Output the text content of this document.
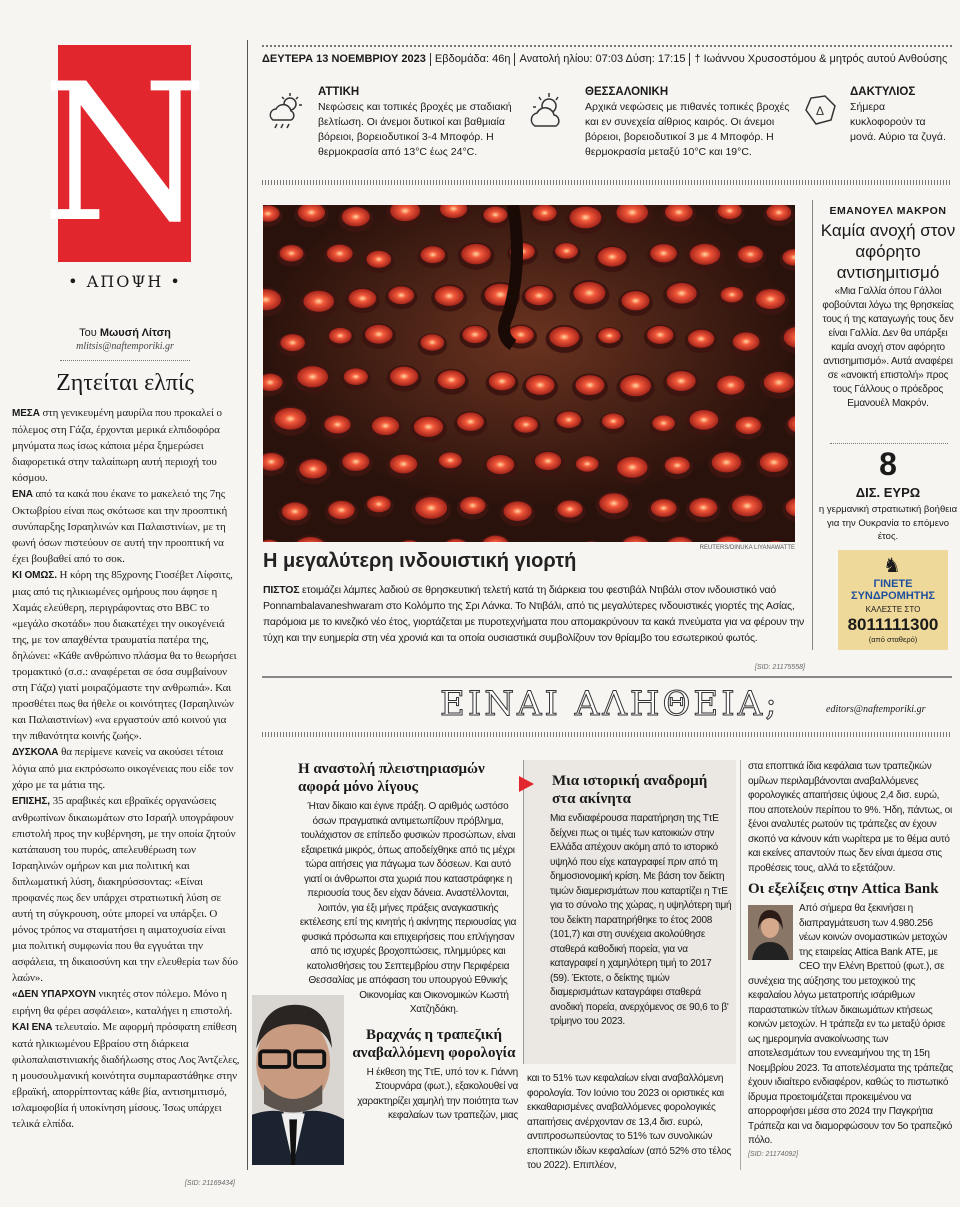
N
• ΑΠΟΨΗ •
Του Μωυσή Λίτση
mlitsis@naftemporiki.gr
Ζητείται ελπίς

ΜΕΣΑ στη γενικευμένη μαυρίλα που προκαλεί ο πόλεμος στη Γάζα, έρχονται μερικά ελπιδοφόρα μηνύματα πως ίσως κάποια μέρα ξημερώσει διαφορετικά στην ταλαίπωρη αυτή περιοχή του κόσμου.

ΕΝΑ από τα κακά που έκανε το μακελειό της 7ης Οκτωβρίου είναι πως σκότωσε και την προοπτική συνύπαρξης Ισραηλινών και Παλαιστινίων, με τη φωνή όσων πιστεύουν σε αυτή την προοπτική να έχει βουβαθεί από το σοκ.

ΚΙ ΟΜΩΣ. Η κόρη της 85χρονης Γιοσέβετ Λίφσιτς, μιας από τις ηλικιωμένες ομήρους που άφησε η Χαμάς ελεύθερη, περιγράφοντας στο BBC το «μεγάλο σκοτάδι» που διακατέχει την οικογένειά της, με τον απαχθέντα τραυματία πατέρα της, δηλώνει: «Κάθε ανθρώπινο πλάσμα θα το θεωρήσει τρομακτικό (σ.σ.: αναφέρεται σε όσα συμβαίνουν στη Γάζα) γιατί μοιραζόμαστε την ανθρωπιά». Και προσθέτει πως θα ήθελε οι κοινότητες (Ισραηλινών και Παλαιστινίων) «να εργαστούν από κοινού για την πιθανότητα κοινής ζωής».

ΔΥΣΚΟΛΑ θα περίμενε κανείς να ακούσει τέτοια λόγια από μια εκπρόσωπο οικογένειας που είδε τον χάρο με τα μάτια της.

ΕΠΙΣΗΣ, 35 αραβικές και εβραϊκές οργανώσεις ανθρωπίνων δικαιωμάτων στο Ισραήλ υπογράφουν επιστολή προς την κυβέρνηση, με την οποία ζητούν κατάπαυση του πυρός, απελευθέρωση των Ισραηλινών ομήρων και μια πολιτική και διπλωματική λύση, διακηρύσσοντας: «Είναι προφανές πως δεν υπάρχει στρατιωτική λύση σε αυτή τη σύγκρουση, ούτε μπορεί να υπάρξει. Ο μόνος τρόπος να σταματήσει η αιματοχυσία είναι μια πολιτική συμφωνία που θα εγγυάται την ασφάλεια, τη δικαιοσύνη και την ελευθερία των δύο λαών».

«ΔΕΝ ΥΠΑΡΧΟΥΝ νικητές στον πόλεμο. Μόνο η ειρήνη θα φέρει ασφάλεια», καταλήγει η επιστολή.

ΚΑΙ ΕΝΑ τελευταίο. Με αφορμή πρόσφατη επίθεση κατά ηλικιωμένου Εβραίου στη διάρκεια φιλοπαλαιστινιακής διαδήλωσης στος Λος Άντζελες, η μουσουλμανική κοινότητα συμπαραστάθηκε στην εβραϊκή, απορρίπτοντας κάθε βία, αντισημιτισμό, ισλαμοφοβία ή υποκίνηση μίσους. Ίσως υπάρχει τελικά ελπίδα.

[SID: 21169434]
ΔΕΥΤΕΡΑ 13 ΝΟΕΜΒΡΙΟΥ 2023 Εβδομάδα: 46η Ανατολή ηλίου: 07:03 Δύση: 17:15 † Ιωάννου Χρυσοστόμου & μητρός αυτού Ανθούσης
ΑΤΤΙΚΗ
Νεφώσεις και τοπικές βροχές με σταδιακή βελτίωση. Οι άνεμοι δυτικοί και βαθμιαία βόρειοι, βορειοδυτικοί 3-4 Μποφόρ. Η θερμοκρασία από 13°C έως 24°C.
ΘΕΣΣΑΛΟΝΙΚΗ
Αρχικά νεφώσεις με πιθανές τοπικές βροχές και εν συνεχεία αίθριος καιρός. Οι άνεμοι βόρειοι, βορειοδυτικοί 3 με 4 Μποφόρ. Η θερμοκρασία μεταξύ 10°C και 19°C.
Δ
ΔΑΚΤΥΛΙΟΣ
Σήμερα κυκλοφορούν τα μονά. Αύριο τα ζυγά.
REUTERS/DINUKA LIYANAWATTE
Η μεγαλύτερη ινδουιστική γιορτή
ΠΙΣΤΟΣ ετοιμάζει λάμπες λαδιού σε θρησκευτική τελετή κατά τη διάρκεια του φεστιβάλ Ντιβάλι στον ινδουιστικό ναό Ponnambalavaneshwaram στο Κολόμπο της Σρι Λάνκα. Το Ντιβάλι, από τις μεγαλύτερες ινδουιστικές γιορτές της Ασίας, παρόμοια με το κινεζικό νέο έτος, γιορτάζεται με πυροτεχνήματα που απομακρύνουν τα κακά πνεύματα για να φέρουν την τύχη και την ευημερία στη νέα χρονιά και τα οποία ουσιαστικά συμβολίζουν τον θρίαμβο του εσωτερικού φωτός.
[SID: 21175558]
ΕΜΑΝΟΥΕΛ ΜΑΚΡΟΝ
Καμία ανοχή στον αφόρητο αντισημιτισμό
«Μια Γαλλία όπου Γάλλοι φοβούνται λόγω της θρησκείας τους ή της καταγωγής τους δεν είναι Γαλλία. Δεν θα υπάρξει καμία ανοχή στον αφόρητο αντισημιτισμό». Αυτά αναφέρει σε «ανοικτή επιστολή» προς τους Γάλλους ο πρόεδρος Εμανουέλ Μακρόν.
8
ΔΙΣ. ΕΥΡΩ
η γερμανική στρατιωτική βοήθεια για την Ουκρανία το επόμενο έτος.
♞
ΓΙΝΕΤΕ ΣΥΝΔΡΟΜΗΤΗΣ
ΚΑΛΕΣΤΕ ΣΤΟ
8011111300
(από σταθερό)
ΕΙΝΑΙ ΑΛΗΘΕΙΑ;	editors@naftemporiki.gr
Η αναστολή πλειστηριασμών αφορά μόνο λίγους
Ήταν δίκαιο και έγινε πράξη. Ο αριθμός ωστόσο όσων πραγματικά αντιμετωπίζουν πρόβλημα, τουλάχιστον σε επίπεδο φυσικών προσώπων, είναι εξαιρετικά μικρός, όπως αποδείχθηκε από τις μέχρι τώρα αιτήσεις για πάγωμα των δόσεων. Και αυτό γιατί οι άνθρωποι στα χωριά που καταστράφηκε η περιουσία τους δεν είχαν δάνεια. Αναστέλλονται, λοιπόν, για έξι μήνες πράξεις αναγκαστικής εκτέλεσης επί της κινητής ή ακίνητης περιουσίας για φυσικά πρόσωπα και επιχειρήσεις που επλήγησαν από τις ισχυρές βροχοπτώσεις, πλημμύρες και κατολισθήσεις του Σεπτεμβρίου στην Περιφέρεια Θεσσαλίας με απόφαση του υπουργού Εθνικής Οικονομίας και Οικονομικών Κωστή Χατζηδάκη.
Βραχνάς η τραπεζική αναβαλλόμενη φορολογία
Η έκθεση της ΤτΕ, υπό τον κ. Γιάννη Στουρνάρα (φωτ.), εξακολουθεί να χαρακτηρίζει χαμηλή την ποιότητα των κεφαλαίων των τραπεζών, μιας
Μια ιστορική αναδρομή στα ακίνητα
Μια ενδιαφέρουσα παρατήρηση της ΤτΕ δείχνει πως οι τιμές των κατοικιών στην Ελλάδα απέχουν ακόμη από το ιστορικό υψηλό που είχε καταγραφεί πριν από τη δημοσιονομική κρίση. Με βάση τον δείκτη τιμών διαμερισμάτων που καταρτίζει η ΤτΕ για το σύνολο της χώρας, η υψηλότερη τιμή του δείκτη παρατηρήθηκε το έτος 2008 (101,7) και στη συνέχεια ακολούθησε σταθερά καθοδική πορεία, για να καταγραφεί η χαμηλότερη τιμή το 2017 (59). Έκτοτε, ο δείκτης τιμών διαμερισμάτων καταγράφει σταθερά ανοδική πορεία, ανερχόμενος σε 90,6 το β' τρίμηνο του 2023.
και το 51% των κεφαλαίων είναι αναβαλλόμενη φορολογία. Τον Ιούνιο του 2023 οι οριστικές και εκκαθαρισμένες αναβαλλόμενες φορολογικές απαιτήσεις ανέρχονταν σε 13,4 δισ. ευρώ, αντιπροσωπεύοντας το 51% των συνολικών εποπτικών ιδίων κεφαλαίων (από 52% στο τέλος του 2022). Επιπλέον,
στα εποπτικά ίδια κεφάλαια των τραπεζικών ομίλων περιλαμβάνονται αναβαλλόμενες φορολογικές απαιτήσεις ύψους 2,4 δισ. ευρώ, που αποτελούν περίπου το 9%. Ήδη, πάντως, οι ξένοι αναλυτές ρωτούν τις τράπεζες αν έχουν σκοπό να κάνουν κάτι νωρίτερα με το θέμα αυτό και εκείνες απαντούν πως δεν είναι άμεσα στις προθέσεις τους, αλλά το εξετάζουν.
Οι εξελίξεις στην Attica Bank
Από σήμερα θα ξεκινήσει η διαπραγμάτευση των 4.980.256 νέων κοινών ονομαστικών μετοχών της εταιρείας Attica Bank ΑΤΕ, με CEO την Ελένη Βρεττού (φωτ.), σε συνέχεια της αύξησης του μετοχικού της κεφαλαίου λόγω μετατροπής ισάριθμων παραστατικών τίτλων δικαιωμάτων κτήσεως κοινών μετοχών. Η τράπεζα εν τω μεταξύ όρισε ως ημερομηνία ανακοίνωσης των αποτελεσμάτων του εννεαμήνου της τη 15η Νοεμβρίου 2023. Τα αποτελέσματα της τράπεζας έχουν ιδιαίτερο ενδιαφέρον, καθώς το πιστωτικό ίδρυμα προετοιμάζεται προκειμένου να απορροφήσει μέσα στο 2024 την Παγκρήτια Τράπεζα και να διαμορφώσουν τον 5ο τραπεζικό πόλο.
[SID: 21174092]
